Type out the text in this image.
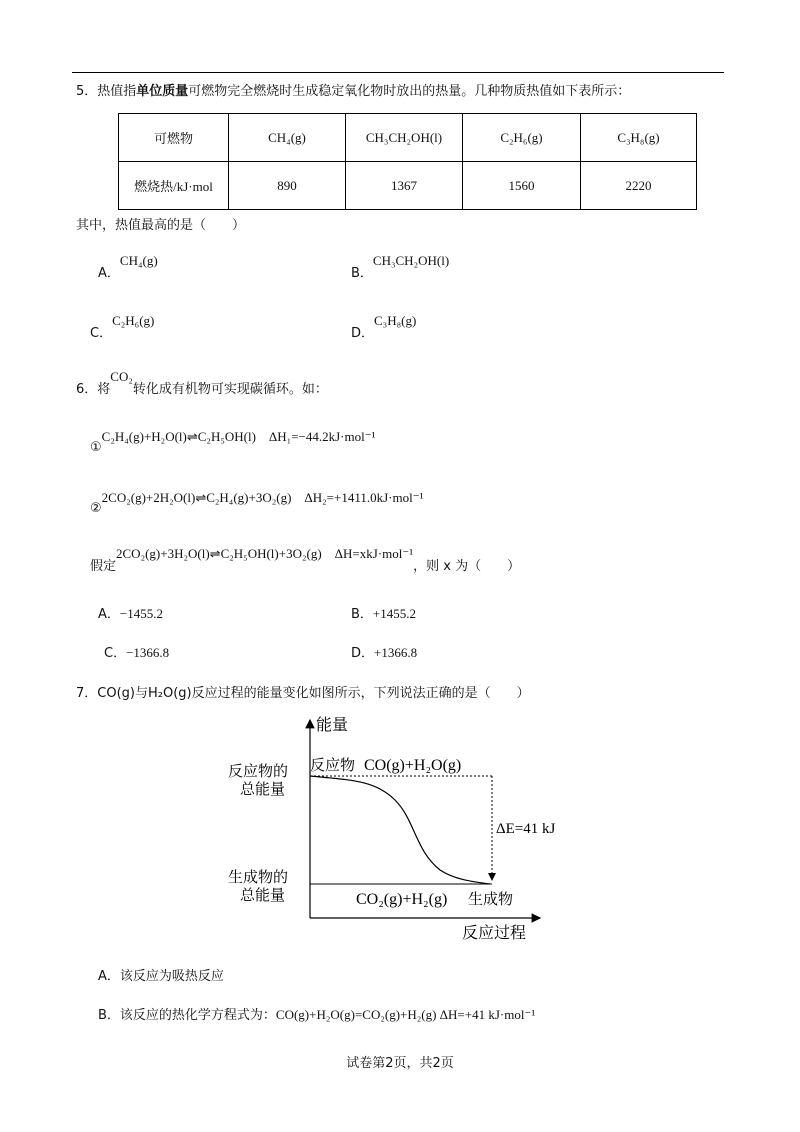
5．热值指单位质量可燃物完全燃烧时生成稳定氧化物时放出的热量。几种物质热值如下表所示：
可燃物	CH₄(g)	CH₃CH₂OH(l)	C₂H₆(g)	C₃H₈(g)
燃烧热/kJ·mol	890	1367	1560	2220
其中，热值最高的是（　　）
A．CH₄(g)
B．CH₃CH₂OH(l)
C．C₂H₆(g)
D．C₃H₈(g)
6．将CO₂转化成有机物可实现碳循环。如：
①C₂H₄(g)+H₂O(l)⇌C₂H₅OH(l)　ΔH₁=−44.2kJ·mol⁻¹
②2CO₂(g)+2H₂O(l)⇌C₂H₄(g)+3O₂(g)　ΔH₂=+1411.0kJ·mol⁻¹
假定2CO₂(g)+3H₂O(l)⇌C₂H₅OH(l)+3O₂(g)　ΔH=xkJ·mol⁻¹，则 x 为（　　）
A．−1455.2	B．+1455.2
C．−1366.8	D．+1366.8
7．CO(g)与H₂O(g)反应过程的能量变化如图所示，下列说法正确的是（　　）
能量
反应过程
反应物的
总能量
反应物 CO(g)+H₂O(g)
ΔE=41 kJ
生成物的
总能量	CO₂(g)+H₂(g) 生成物
A．该反应为吸热反应
B．该反应的热化学方程式为：CO(g)+H₂O(g)=CO₂(g)+H₂(g) ΔH=+41 kJ·mol⁻¹
试卷第2页，共2页
